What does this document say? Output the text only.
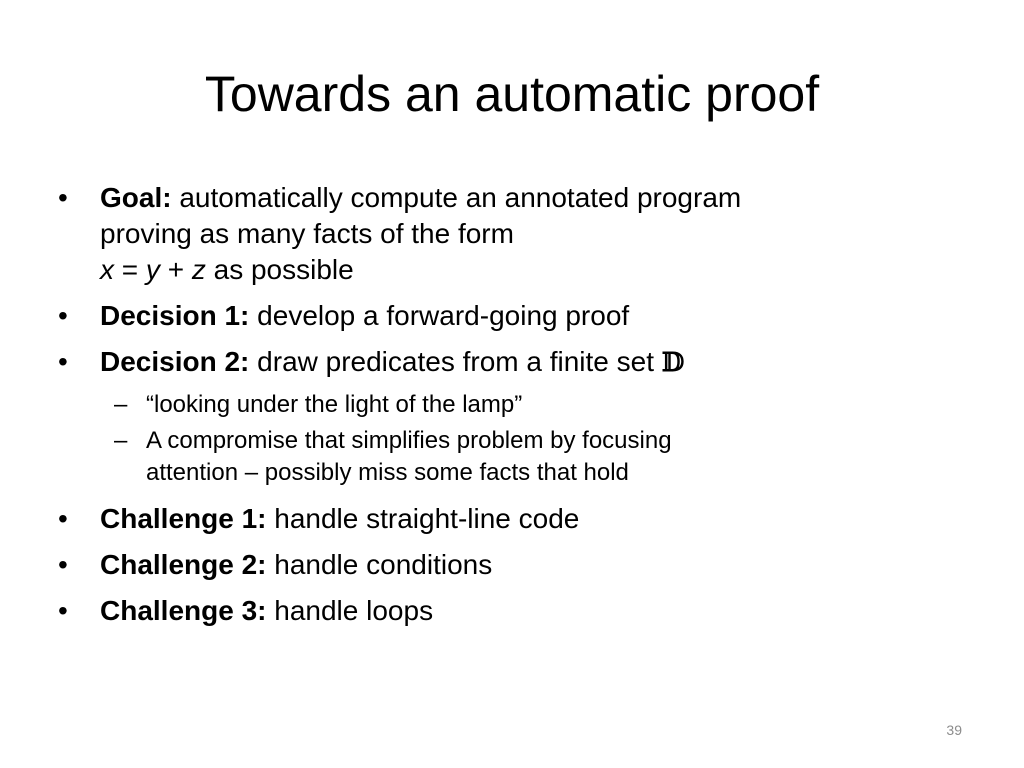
Towards an automatic proof
• Goal: automatically compute an annotated program
proving as many facts of the form
x = y + z as possible
• Decision 1: develop a forward-going proof
• Decision 2: draw predicates from a finite set 𝔻
– “looking under the light of the lamp”
– A compromise that simplifies problem by focusing
attention – possibly miss some facts that hold
• Challenge 1: handle straight-line code
• Challenge 2: handle conditions
• Challenge 3: handle loops
39
